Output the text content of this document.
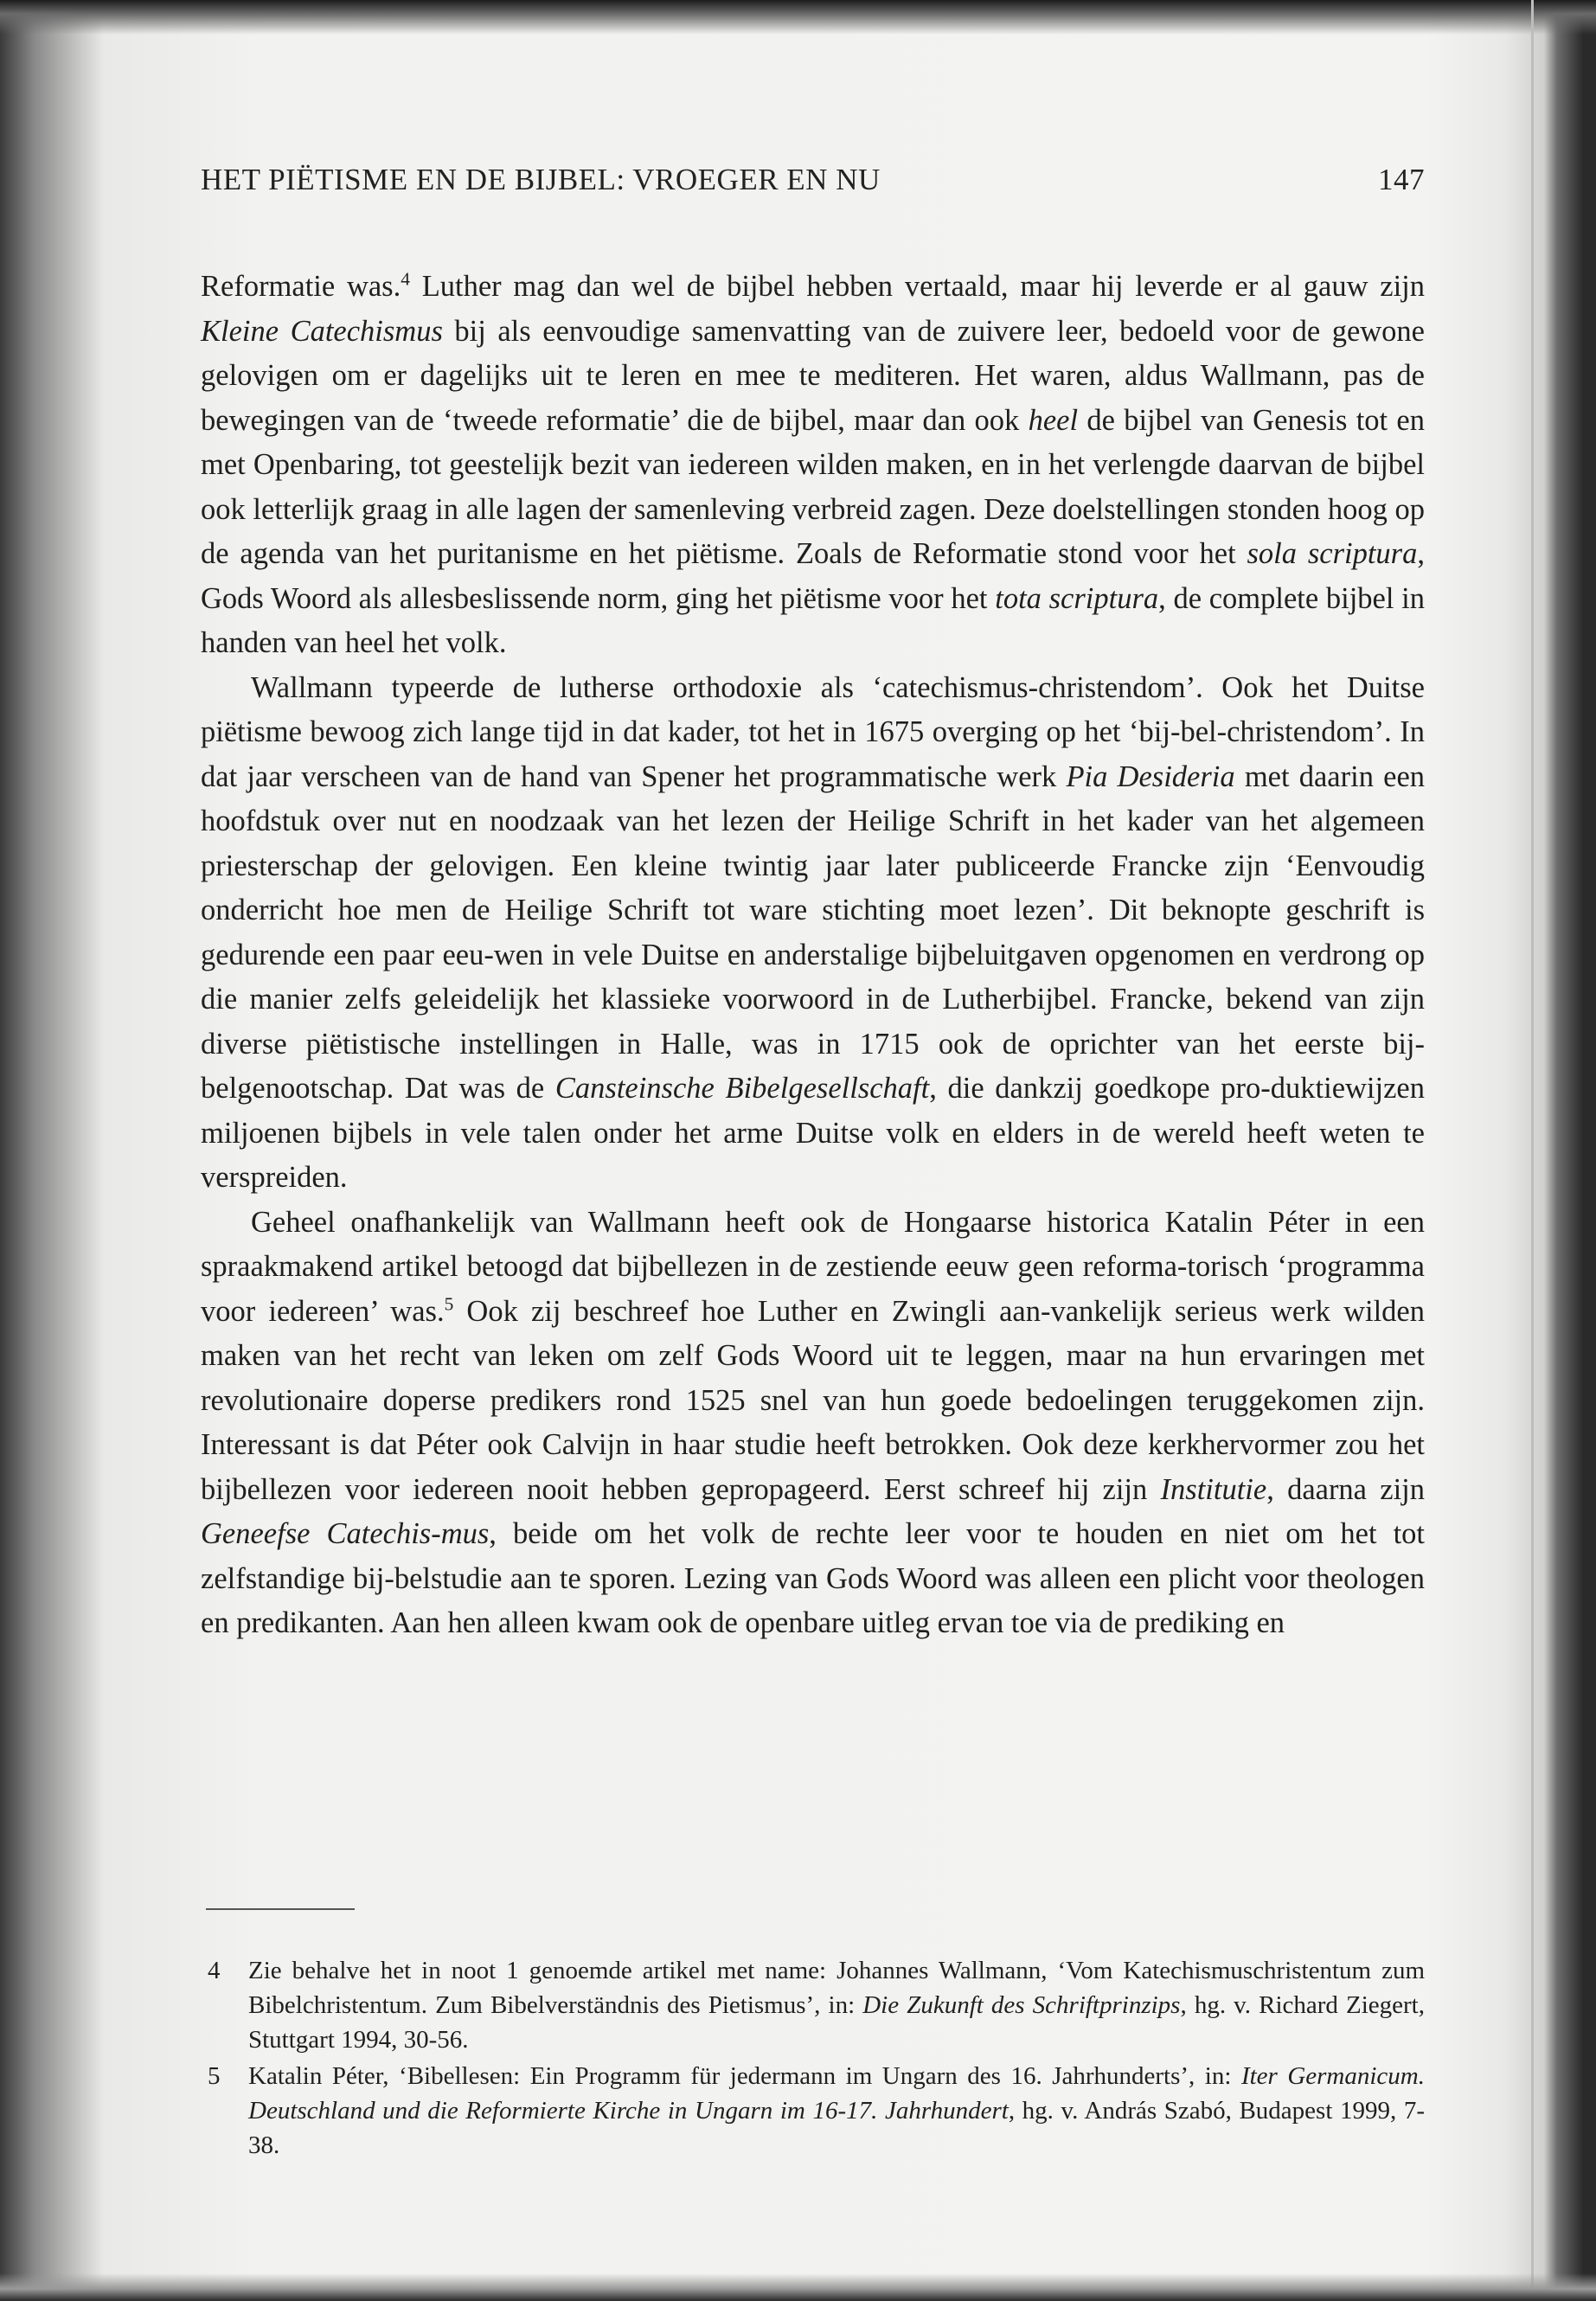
HET PIËTISME EN DE BIJBEL: VROEGER EN NU	147

Reformatie was.$^4$ Luther mag dan wel de bijbel hebben vertaald, maar hij leverde er al gauw zijn Kleine Catechismus bij als eenvoudige samenvatting van de zuivere leer, bedoeld voor de gewone gelovigen om er dagelijks uit te leren en mee te mediteren. Het waren, aldus Wallmann, pas de bewegingen van de ‘tweede reformatie’ die de bijbel, maar dan ook heel de bijbel van Genesis tot en met Openbaring, tot geestelijk bezit van iedereen wilden maken, en in het verlengde daarvan de bijbel ook letterlijk graag in alle lagen der samenleving verbreid zagen. Deze doelstellingen stonden hoog op de agenda van het puritanisme en het piëtisme. Zoals de Reformatie stond voor het sola scriptura, Gods Woord als allesbeslissende norm, ging het piëtisme voor het tota scriptura, de complete bijbel in handen van heel het volk.

Wallmann typeerde de lutherse orthodoxie als ‘catechismus-christendom’. Ook het Duitse piëtisme bewoog zich lange tijd in dat kader, tot het in 1675 overging op het ‘bij-bel-christendom’. In dat jaar verscheen van de hand van Spener het programmatische werk Pia Desideria met daarin een hoofdstuk over nut en noodzaak van het lezen der Heilige Schrift in het kader van het algemeen priesterschap der gelovigen. Een kleine twintig jaar later publiceerde Francke zijn ‘Eenvoudig onderricht hoe men de Heilige Schrift tot ware stichting moet lezen’. Dit beknopte geschrift is gedurende een paar eeu-wen in vele Duitse en anderstalige bijbeluitgaven opgenomen en verdrong op die manier zelfs geleidelijk het klassieke voorwoord in de Lutherbijbel. Francke, bekend van zijn diverse piëtistische instellingen in Halle, was in 1715 ook de oprichter van het eerste bij-belgenootschap. Dat was de Cansteinsche Bibelgesellschaft, die dankzij goedkope pro-duktiewijzen miljoenen bijbels in vele talen onder het arme Duitse volk en elders in de wereld heeft weten te verspreiden.

Geheel onafhankelijk van Wallmann heeft ook de Hongaarse historica Katalin Péter in een spraakmakend artikel betoogd dat bijbellezen in de zestiende eeuw geen reforma-torisch ‘programma voor iedereen’ was.$^5$ Ook zij beschreef hoe Luther en Zwingli aan-vankelijk serieus werk wilden maken van het recht van leken om zelf Gods Woord uit te leggen, maar na hun ervaringen met revolutionaire doperse predikers rond 1525 snel van hun goede bedoelingen teruggekomen zijn. Interessant is dat Péter ook Calvijn in haar studie heeft betrokken. Ook deze kerkhervormer zou het bijbellezen voor iedereen nooit hebben gepropageerd. Eerst schreef hij zijn Institutie, daarna zijn Geneefse Catechis-mus, beide om het volk de rechte leer voor te houden en niet om het tot zelfstandige bij-belstudie aan te sporen. Lezing van Gods Woord was alleen een plicht voor theologen en predikanten. Aan hen alleen kwam ook de openbare uitleg ervan toe via de prediking en

4 Zie behalve het in noot 1 genoemde artikel met name: Johannes Wallmann, ‘Vom Katechismuschristentum zum Bibelchristentum. Zum Bibelverständnis des Pietismus’, in: Die Zukunft des Schriftprinzips, hg. v. Richard Ziegert, Stuttgart 1994, 30-56.
5 Katalin Péter, ‘Bibellesen: Ein Programm für jedermann im Ungarn des 16. Jahrhunderts’, in: Iter Germanicum. Deutschland und die Reformierte Kirche in Ungarn im 16-17. Jahrhundert, hg. v. András Szabó, Budapest 1999, 7-38.
